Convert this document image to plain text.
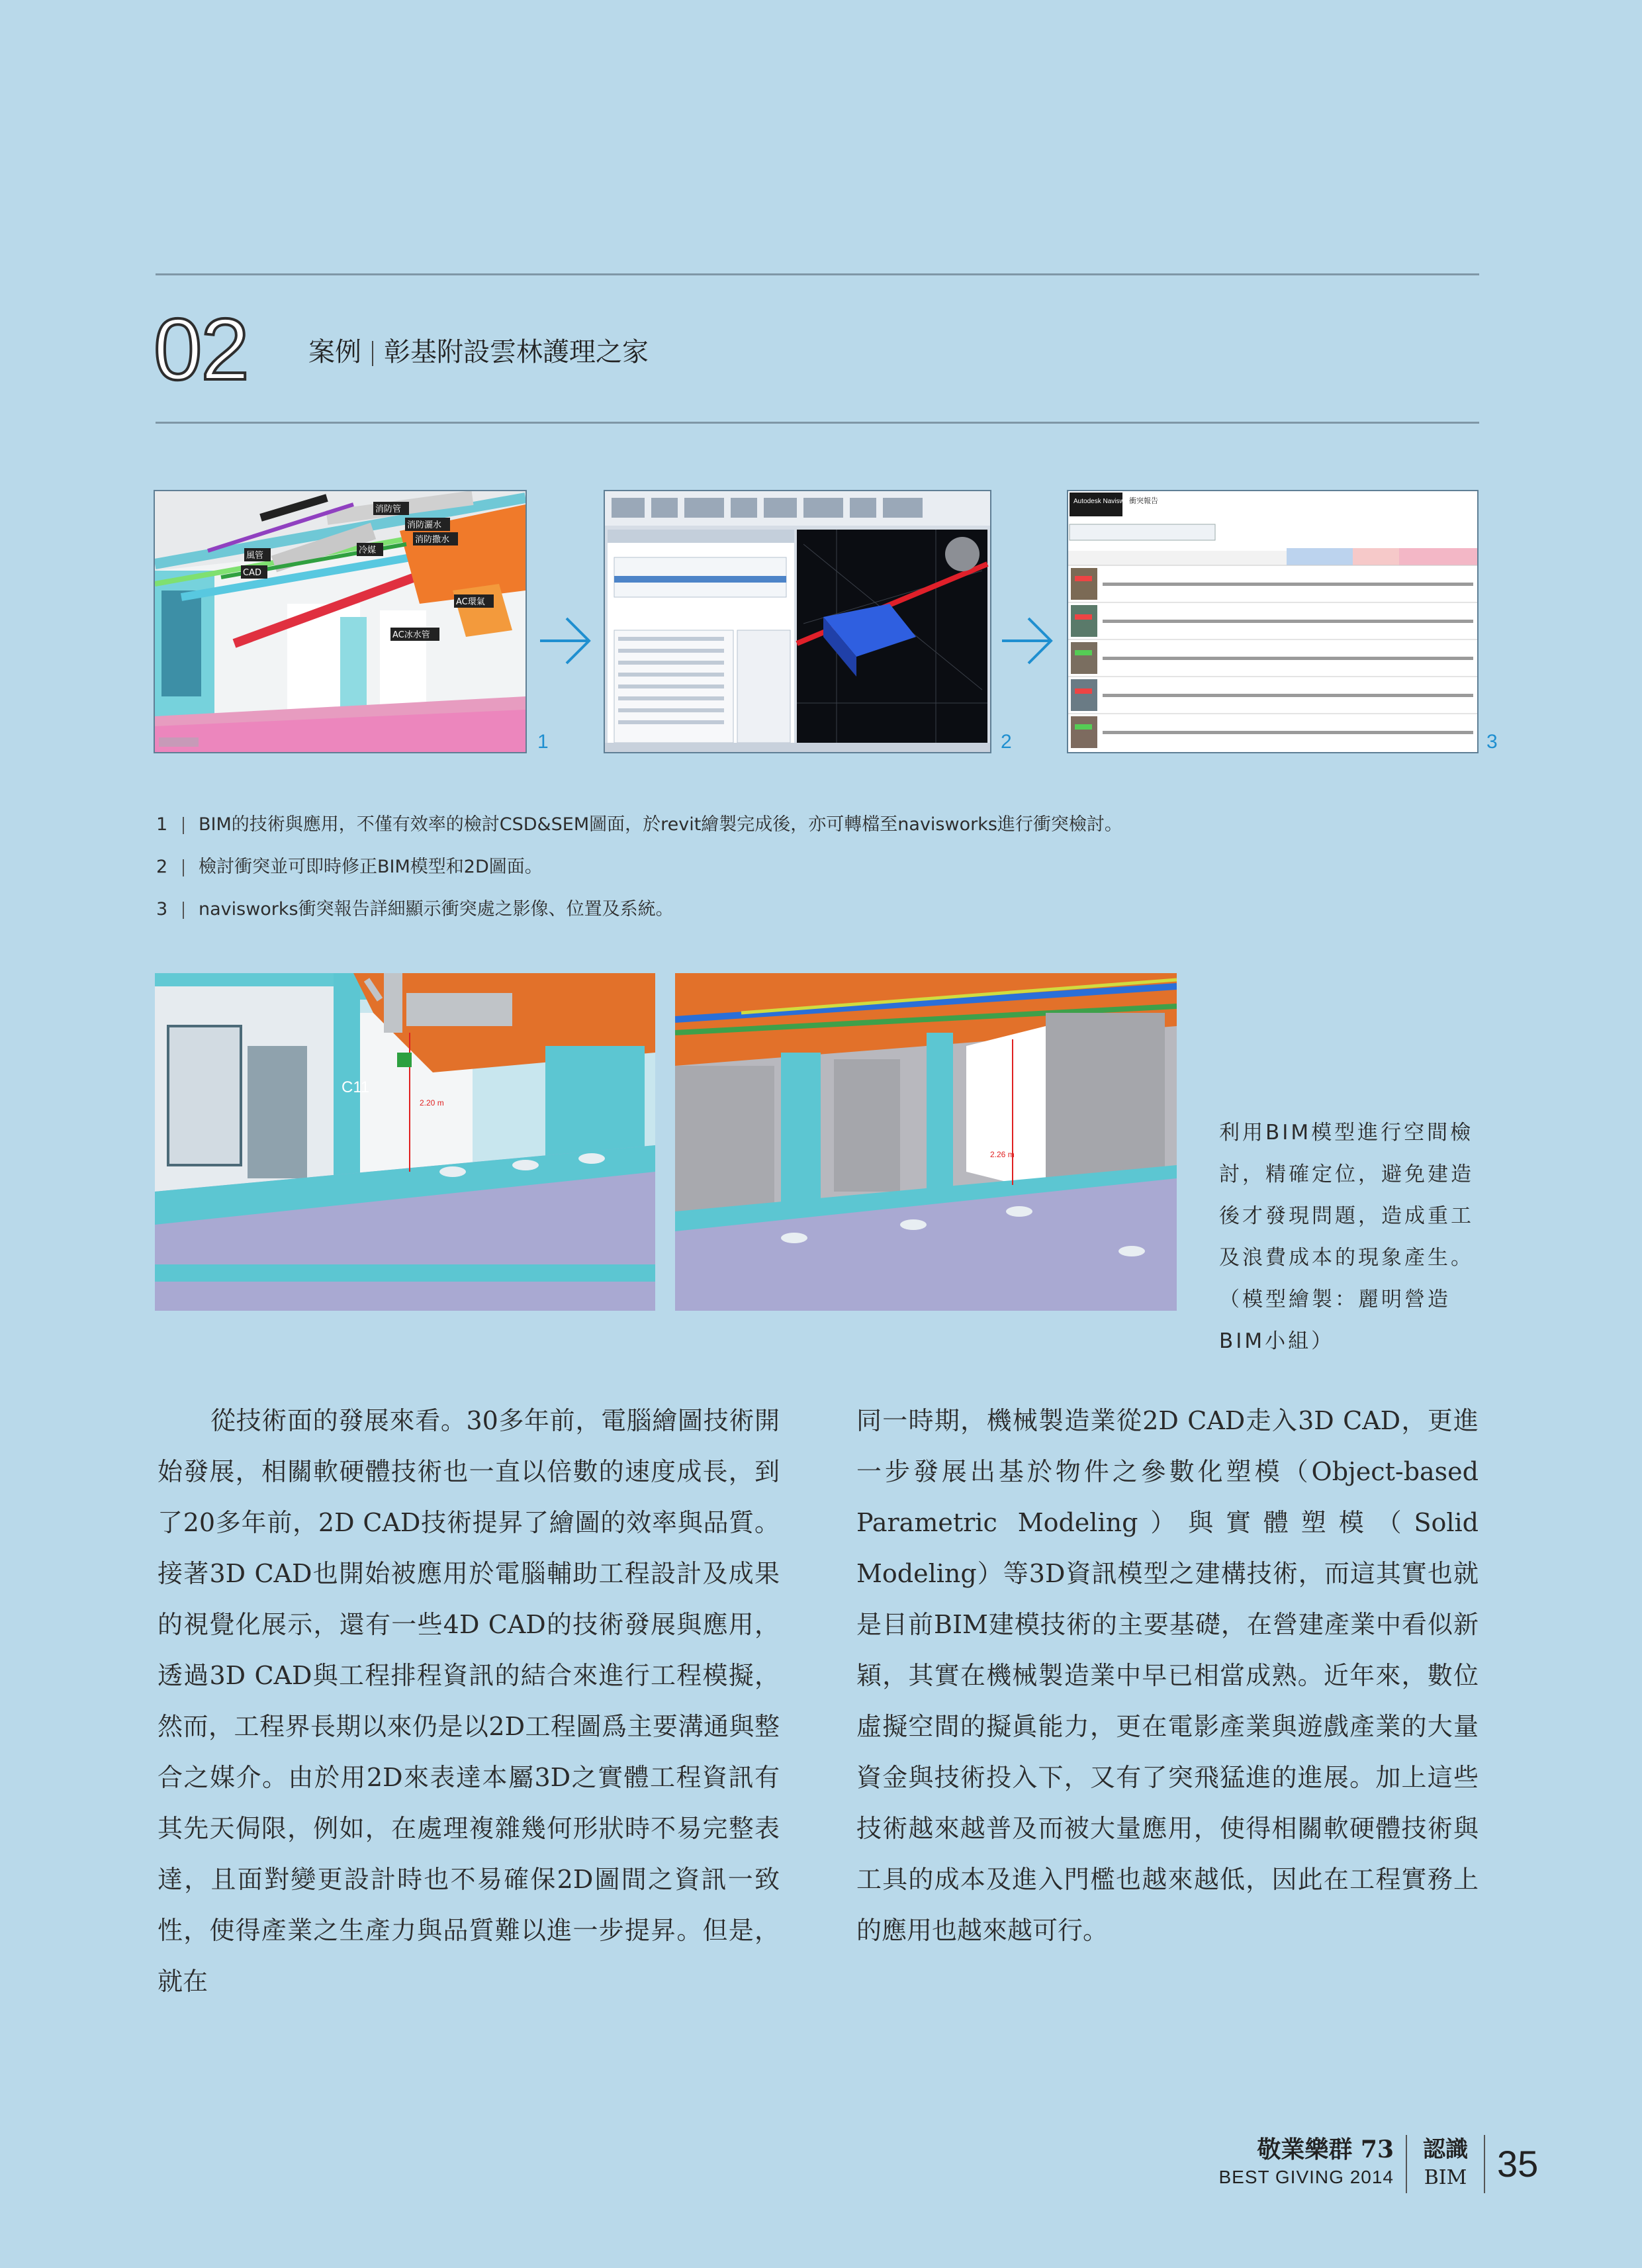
02 案例 彰基附設雲林護理之家
消防管
消防灑水
消防撒水
冷媒
風管
CAD
AC環氣
AC冰水管
1	2
Autodesk Navisworks
衝突報告
3
1 BIM的技術與應用，不僅有效率的檢討CSD&SEM圖面，於revit繪製完成後，亦可轉檔至navisworks進行衝突檢討。
2 檢討衝突並可即時修正BIM模型和2D圖面。
3 navisworks衝突報告詳細顯示衝突處之影像、位置及系統。
C11
2.20 m
2.26 m
利用BIM模型進行空間檢討，精確定位，避免建造後才發現問題，造成重工及浪費成本的現象產生。（模型繪製：麗明營造BIM小組）
從技術面的發展來看。30多年前，電腦繪圖技術開始發展，相關軟硬體技術也一直以倍數的速度成長，到了20多年前，2D CAD技術提昇了繪圖的效率與品質。接著3D CAD也開始被應用於電腦輔助工程設計及成果的視覺化展示，還有一些4D CAD的技術發展與應用，透過3D CAD與工程排程資訊的結合來進行工程模擬，然而，工程界長期以來仍是以2D工程圖爲主要溝通與整合之媒介。由於用2D來表達本屬3D之實體工程資訊有其先天侷限，例如，在處理複雜幾何形狀時不易完整表達，且面對變更設計時也不易確保2D圖間之資訊一致性，使得產業之生產力與品質難以進一步提昇。但是，就在
同一時期，機械製造業從2D CAD走入3D CAD，更進一步發展出基於物件之參數化塑模（Object-based Parametric Modeling）與實體塑模（Solid Modeling）等3D資訊模型之建構技術，而這其實也就是目前BIM建模技術的主要基礎，在營建產業中看似新穎，其實在機械製造業中早已相當成熟。近年來，數位虛擬空間的擬眞能力，更在電影產業與遊戲產業的大量資金與技術投入下，又有了突飛猛進的進展。加上這些技術越來越普及而被大量應用，使得相關軟硬體技術與工具的成本及進入門檻也越來越低，因此在工程實務上的應用也越來越可行。
敬業樂群 73
BEST GIVING 2014
認識
BIM 35
